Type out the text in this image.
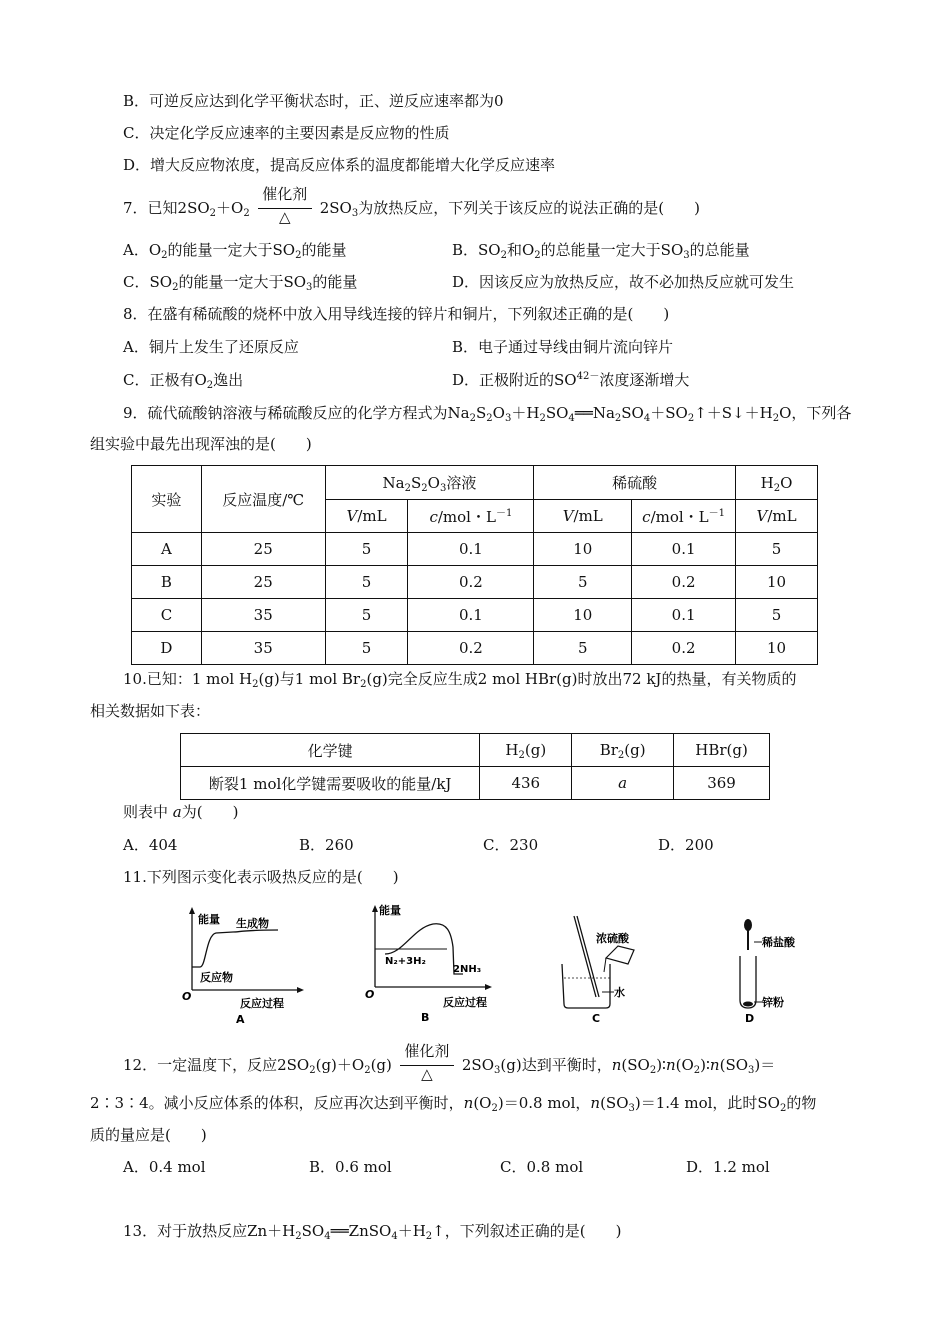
B．可逆反应达到化学平衡状态时，正、逆反应速率都为0
C．决定化学反应速率的主要因素是反应物的性质
D．增大反应物浓度，提高反应体系的温度都能增大化学反应速率
7．已知$2SO_2+O_2$
催化剂
△	$2SO_3$为放热反应，下列关于该反应的说法正确的是(　　)
A．$O_2$的能量一定大于$SO_2$的能量	B．$SO_2$和$O_2$的总能量一定大于$SO_3$的总能量
C．$SO_2$的能量一定大于$SO_3$的能量	D．因该反应为放热反应，故不必加热反应就可发生
8．在盛有稀硫酸的烧杯中放入用导线连接的锌片和铜片，下列叙述正确的是(　　)
A．铜片上发生了还原反应	B．电子通过导线由铜片流向锌片
C．正极有$O_2$逸出	D．正极附近的$SO^{42-}$浓度逐渐增大
9．硫代硫酸钠溶液与稀硫酸反应的化学方程式为$Na_2S_2O_3+H_2SO_4══Na_2SO_4+SO_2↑+S↓+H_2O$，下列各
组实验中最先出现浑浊的是(　　)
实验	反应温度/℃	$Na_2S_2O_3$溶液		稀硫酸		$H_2O$
		V/mL	c/mol・$L^{-1}$	V/mL	c/mol・$L^{-1}$	V/mL
A	25	5	0.1	10	0.1	5
B	25	5	0.2	5	0.2	10
C	35	5	0.1	10	0.1	5
D	35	5	0.2	5	0.2	10
10.已知：1 mol $H_2(g)$与1 mol $Br_2(g)$完全反应生成2 mol HBr(g)时放出72 kJ的热量，有关物质的
相关数据如下表：
化学键	$H_2(g)$	$Br_2(g)$	HBr(g)
断裂1 mol化学键需要吸收的能量/kJ	436	a	369
则表中 a为(　　)
A．404	B．260	C．230	D．200
11.下列图示变化表示吸热反应的是(　　)
能量 生成物
反应物
O
反应过程
A
能量
N₂+3H₂
2NH₃
O
反应过程
B
浓硫酸
水
C
稀盐酸
锌粉
D
12．一定温度下，反应$2SO_2(g)+O_2(g)$
催化剂
△	$2SO_3(g)$达到平衡时，$n(SO_2)∶n(O_2)∶n(SO_3)=$
2∶3∶4。减小反应体系的体积，反应再次达到平衡时，$n(O_2)=0.8$ mol，$n(SO_3)=1.4$ mol，此时$SO_2$的物
质的量应是(　　)
A．0.4 mol	B．0.6 mol	C．0.8 mol	D．1.2 mol
13．对于放热反应$Zn+H_2SO_4══ZnSO_4+H_2↑$，下列叙述正确的是(　　)
